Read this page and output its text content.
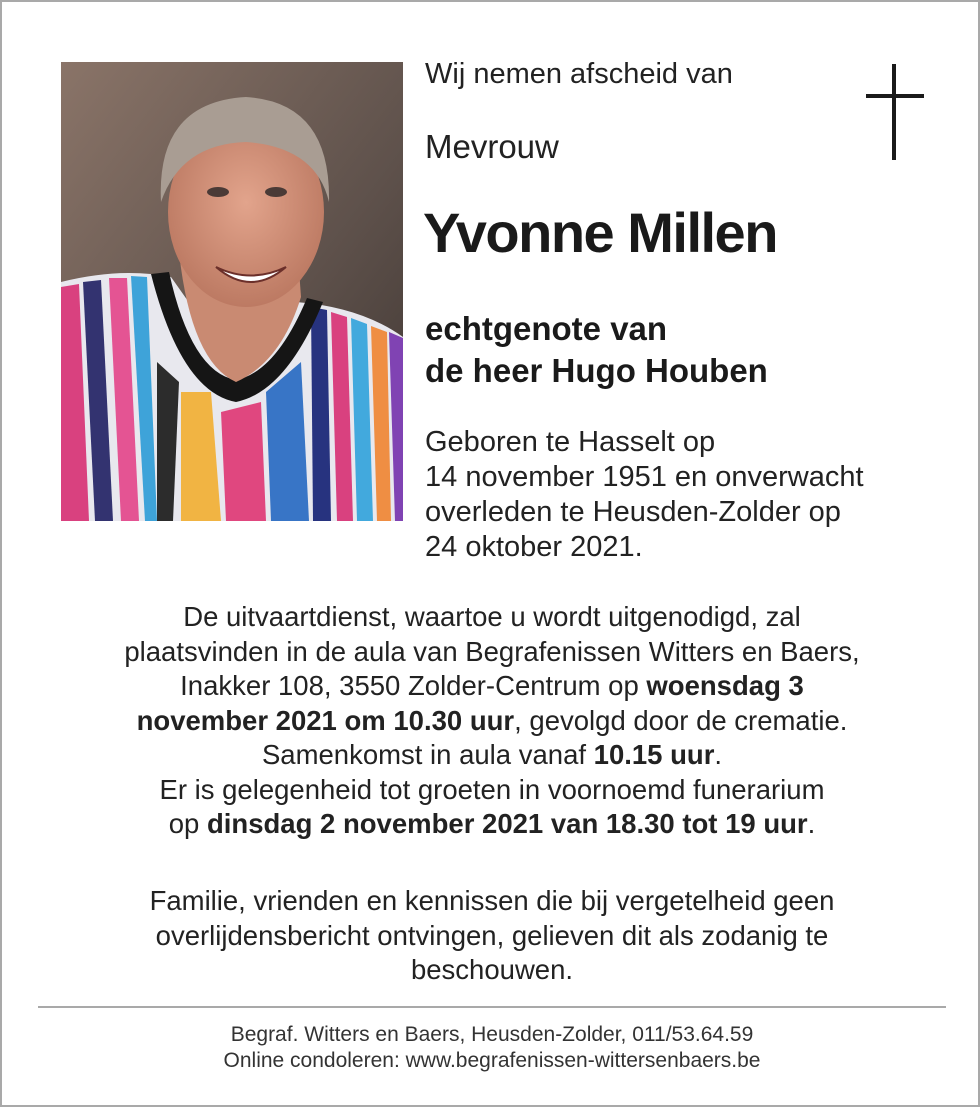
Wij nemen afscheid van
Mevrouw
Yvonne Millen
echtgenote van
de heer Hugo Houben
Geboren te Hasselt op
14 november 1951 en onverwacht
overleden te Heusden-Zolder op
24 oktober 2021.
De uitvaartdienst, waartoe u wordt uitgenodigd, zal
plaatsvinden in de aula van Begrafenissen Witters en Baers,
Inakker 108, 3550 Zolder-Centrum op woensdag 3
november 2021 om 10.30 uur, gevolgd door de crematie.
Samenkomst in aula vanaf 10.15 uur.
Er is gelegenheid tot groeten in voornoemd funerarium
op dinsdag 2 november 2021 van 18.30 tot 19 uur.
Familie, vrienden en kennissen die bij vergetelheid geen
overlijdensbericht ontvingen, gelieven dit als zodanig te
beschouwen.
Begraf. Witters en Baers, Heusden-Zolder, 011/53.64.59
Online condoleren: www.begrafenissen-wittersenbaers.be
